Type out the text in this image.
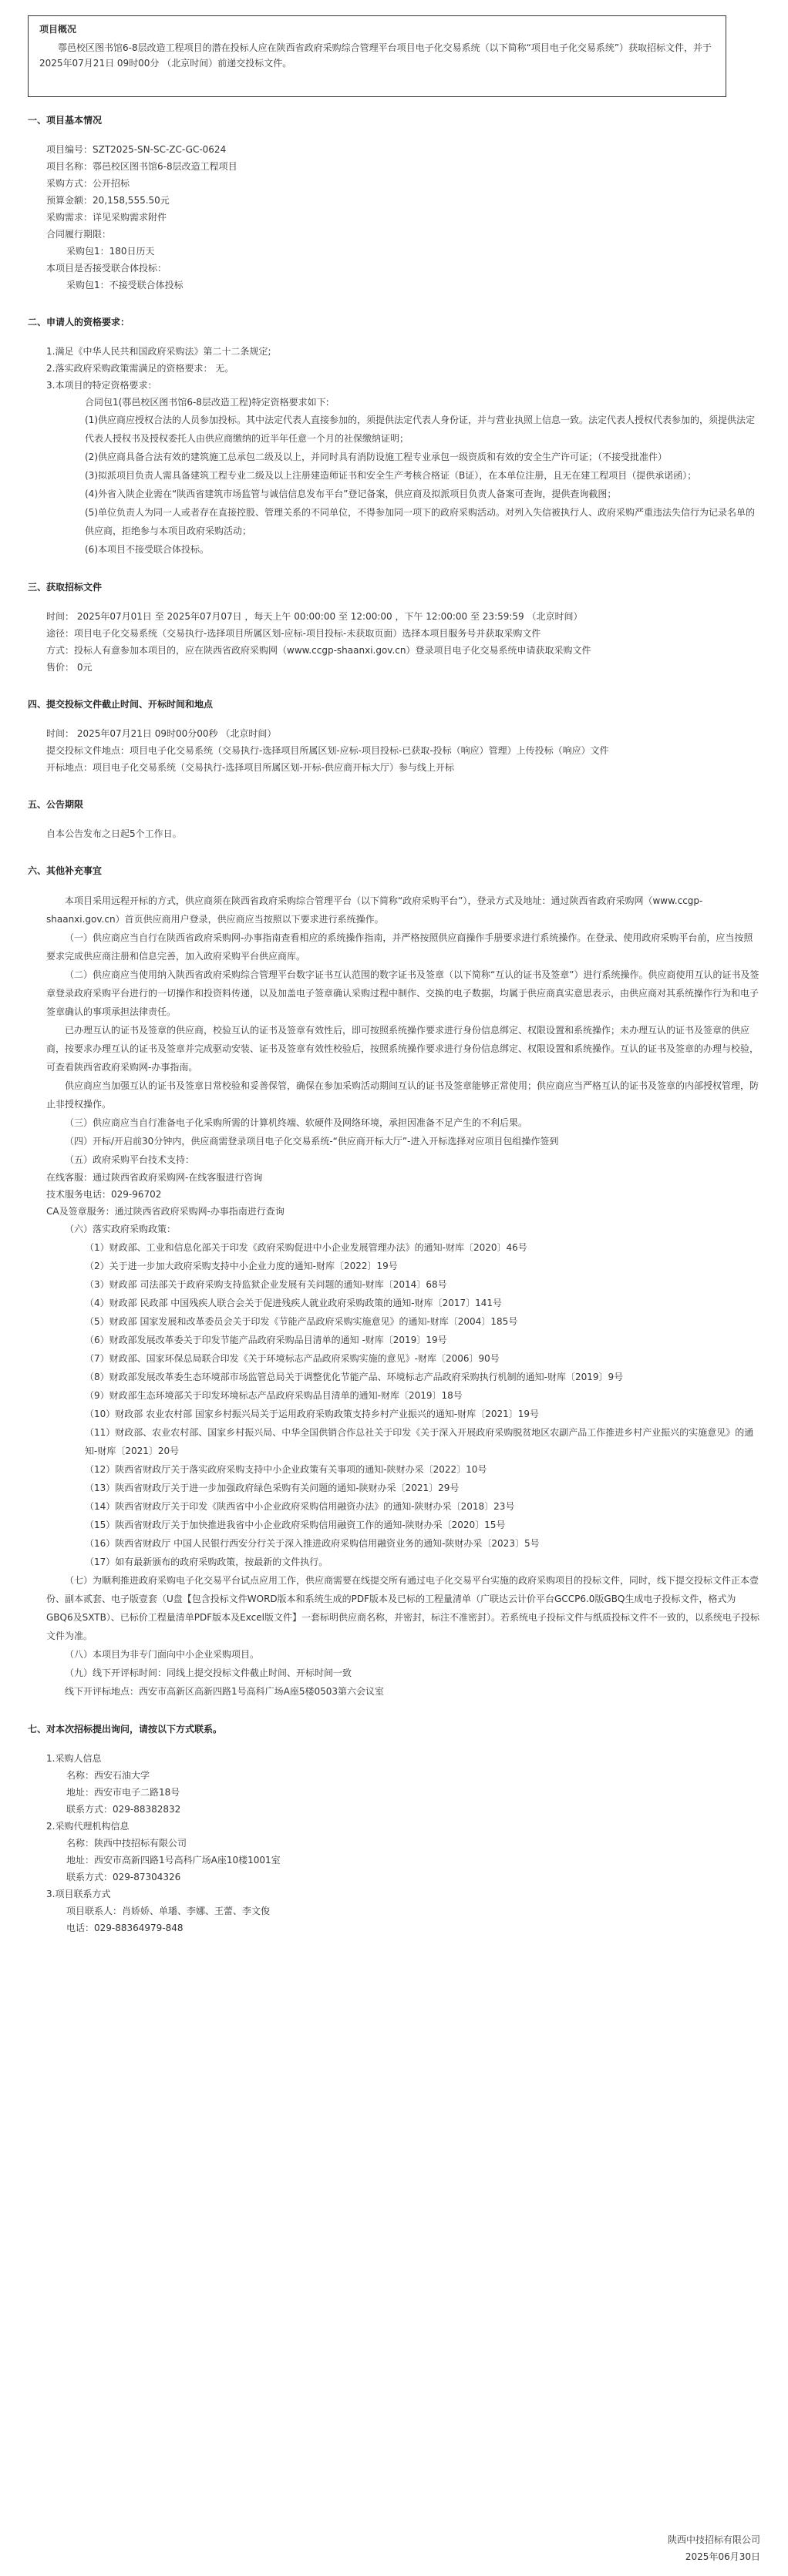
项目概况

鄠邑校区图书馆6-8层改造工程项目的潜在投标人应在陕西省政府采购综合管理平台项目电子化交易系统（以下简称“项目电子化交易系统”）获取招标文件，并于 2025年07月21日 09时00分 （北京时间）前递交投标文件。

一、项目基本情况

项目编号：SZT2025-SN-SC-ZC-GC-0624

项目名称：鄠邑校区图书馆6-8层改造工程项目

采购方式：公开招标

预算金额：20,158,555.50元

采购需求：详见采购需求附件

合同履行期限：

采购包1：180日历天

本项目是否接受联合体投标：

采购包1：不接受联合体投标

二、申请人的资格要求：

1.满足《中华人民共和国政府采购法》第二十二条规定;

2.落实政府采购政策需满足的资格要求： 无。

3.本项目的特定资格要求：

合同包1(鄠邑校区图书馆6-8层改造工程)特定资格要求如下:

(1)供应商应授权合法的人员参加投标。其中法定代表人直接参加的，须提供法定代表人身份证，并与营业执照上信息一致。法定代表人授权代表参加的，须提供法定代表人授权书及授权委托人由供应商缴纳的近半年任意一个月的社保缴纳证明；

(2)供应商具备合法有效的建筑施工总承包二级及以上，并同时具有消防设施工程专业承包一级资质和有效的安全生产许可证；（不接受批准件）

(3)拟派项目负责人需具备建筑工程专业二级及以上注册建造师证书和安全生产考核合格证（B证），在本单位注册，且无在建工程项目（提供承诺函）；

(4)外省入陕企业需在“陕西省建筑市场监管与诚信信息发布平台”登记备案，供应商及拟派项目负责人备案可查询，提供查询截图；

(5)单位负责人为同一人或者存在直接控股、管理关系的不同单位，不得参加同一项下的政府采购活动。对列入失信被执行人、政府采购严重违法失信行为记录名单的供应商，拒绝参与本项目政府采购活动；

(6)本项目不接受联合体投标。

三、获取招标文件

时间： 2025年07月01日 至 2025年07月07日 ，每天上午 00:00:00 至 12:00:00 ，下午 12:00:00 至 23:59:59 （北京时间）

途径：项目电子化交易系统（交易执行-选择项目所属区划-应标-项目投标-未获取页面）选择本项目服务号并获取采购文件

方式：投标人有意参加本项目的，应在陕西省政府采购网（www.ccgp-shaanxi.gov.cn）登录项目电子化交易系统申请获取采购文件

售价： 0元

四、提交投标文件截止时间、开标时间和地点

时间： 2025年07月21日 09时00分00秒 （北京时间）

提交投标文件地点：项目电子化交易系统（交易执行-选择项目所属区划-应标-项目投标-已获取-投标（响应）管理）上传投标（响应）文件

开标地点：项目电子化交易系统（交易执行-选择项目所属区划-开标-供应商开标大厅）参与线上开标

五、公告期限

自本公告发布之日起5个工作日。

六、其他补充事宜

本项目采用远程开标的方式，供应商须在陕西省政府采购综合管理平台（以下简称“政府采购平台”），登录方式及地址：通过陕西省政府采购网（www.ccgp-shaanxi.gov.cn）首页供应商用户登录，供应商应当按照以下要求进行系统操作。

（一）供应商应当自行在陕西省政府采购网-办事指南查看相应的系统操作指南，并严格按照供应商操作手册要求进行系统操作。在登录、使用政府采购平台前，应当按照要求完成供应商注册和信息完善，加入政府采购平台供应商库。

（二）供应商应当使用纳入陕西省政府采购综合管理平台数字证书互认范围的数字证书及签章（以下简称“互认的证书及签章”）进行系统操作。供应商使用互认的证书及签章登录政府采购平台进行的一切操作和投资料传递，以及加盖电子签章确认采购过程中制作、交换的电子数据，均属于供应商真实意思表示，由供应商对其系统操作行为和电子签章确认的事项承担法律责任。

已办理互认的证书及签章的供应商，校验互认的证书及签章有效性后，即可按照系统操作要求进行身份信息绑定、权限设置和系统操作；未办理互认的证书及签章的供应商，按要求办理互认的证书及签章并完成驱动安装、证书及签章有效性校验后，按照系统操作要求进行身份信息绑定、权限设置和系统操作。互认的证书及签章的办理与校验，可查看陕西省政府采购网-办事指南。

供应商应当加强互认的证书及签章日常校验和妥善保管，确保在参加采购活动期间互认的证书及签章能够正常使用；供应商应当严格互认的证书及签章的内部授权管理，防止非授权操作。

（三）供应商应当自行准备电子化采购所需的计算机终端、软硬件及网络环境，承担因准备不足产生的不利后果。

（四）开标/开启前30分钟内，供应商需登录项目电子化交易系统-“供应商开标大厅”-进入开标选择对应项目包组操作签到

（五）政府采购平台技术支持：

在线客服：通过陕西省政府采购网-在线客服进行咨询

技术服务电话：029-96702

CA及签章服务：通过陕西省政府采购网-办事指南进行查询

（六）落实政府采购政策：

（1）财政部、工业和信息化部关于印发《政府采购促进中小企业发展管理办法》的通知-财库〔2020〕46号

（2）关于进一步加大政府采购支持中小企业力度的通知-财库〔2022〕19号

（3）财政部 司法部关于政府采购支持监狱企业发展有关问题的通知-财库〔2014〕68号

（4）财政部 民政部 中国残疾人联合会关于促进残疾人就业政府采购政策的通知-财库〔2017〕141号

（5）财政部 国家发展和改革委员会关于印发《节能产品政府采购实施意见》的通知-财库〔2004〕185号

（6）财政部发展改革委关于印发节能产品政府采购品目清单的通知 -财库〔2019〕19号

（7）财政部、国家环保总局联合印发《关于环境标志产品政府采购实施的意见》-财库〔2006〕90号

（8）财政部发展改革委生态环境部市场监管总局关于调整优化节能产品、环境标志产品政府采购执行机制的通知-财库〔2019〕9号

（9）财政部生态环境部关于印发环境标志产品政府采购品目清单的通知-财库〔2019〕18号

（10）财政部 农业农村部 国家乡村振兴局关于运用政府采购政策支持乡村产业振兴的通知-财库〔2021〕19号

（11）财政部、农业农村部、国家乡村振兴局、中华全国供销合作总社关于印发《关于深入开展政府采购脱贫地区农副产品工作推进乡村产业振兴的实施意见》的通知-财库〔2021〕20号

（12）陕西省财政厅关于落实政府采购支持中小企业政策有关事项的通知-陕财办采〔2022〕10号

（13）陕西省财政厅关于进一步加强政府绿色采购有关问题的通知-陕财办采〔2021〕29号

（14）陕西省财政厅关于印发《陕西省中小企业政府采购信用融资办法》的通知-陕财办采〔2018〕23号

（15）陕西省财政厅关于加快推进我省中小企业政府采购信用融资工作的通知-陕财办采〔2020〕15号

（16）陕西省财政厅 中国人民银行西安分行关于深入推进政府采购信用融资业务的通知-陕财办采〔2023〕5号

（17）如有最新颁布的政府采购政策，按最新的文件执行。

（七）为顺利推进政府采购电子化交易平台试点应用工作，供应商需要在线提交所有通过电子化交易平台实施的政府采购项目的投标文件，同时，线下提交投标文件正本壹份、副本贰套、电子版壹套（U盘【包含投标文件WORD版本和系统生成的PDF版本及已标的工程量清单（广联达云计价平台GCCP6.0版GBQ生成电子投标文件，格式为GBQ6及SXTB）、已标价工程量清单PDF版本及Excel版文件】一套标明供应商名称，并密封，标注不准密封）。若系统电子投标文件与纸质投标文件不一致的，以系统电子投标文件为准。

（八）本项目为非专门面向中小企业采购项目。

（九）线下开评标时间：同线上提交投标文件截止时间、开标时间一致

线下开评标地点：西安市高新区高新四路1号高科广场A座5楼0503第六会议室

七、对本次招标提出询问，请按以下方式联系。

1.采购人信息

名称：西安石油大学

地址：西安市电子二路18号

联系方式：029-88382832

2.采购代理机构信息

名称：陕西中技招标有限公司

地址：西安市高新四路1号高科广场A座10楼1001室

联系方式：029-87304326

3.项目联系方式

项目联系人：肖娇娇、单璠、李娜、王蕾、李文俊

电话：029-88364979-848

陕西中技招标有限公司
2025年06月30日
